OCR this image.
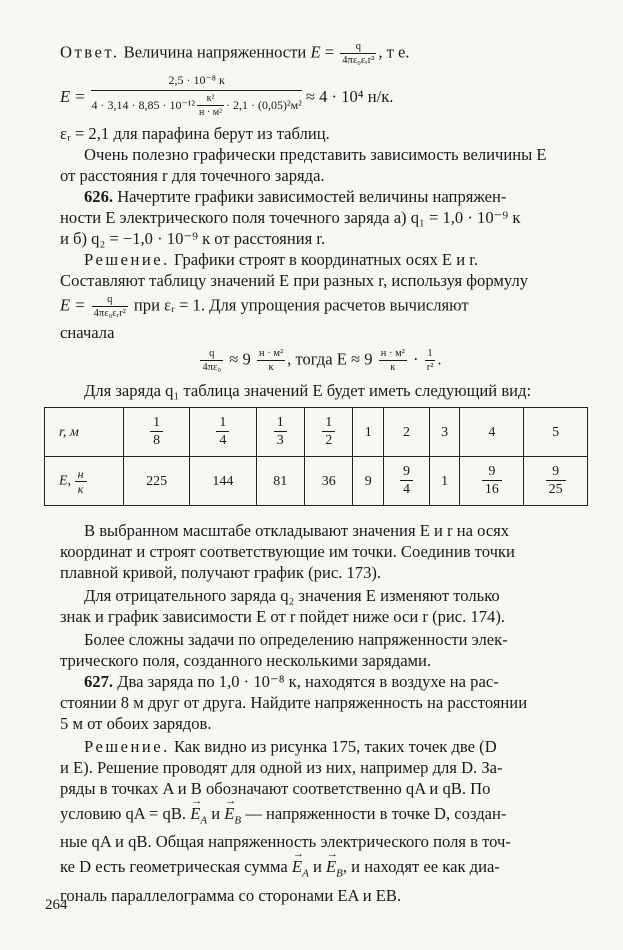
Ответ. Величина напряженности $E = \frac{q}{\text{4πε₀εᵣr²}}$ , т е.
E =
2,5 · 10⁻⁸ к
$4 \cdot 3,14 \cdot 8,85 \cdot 10^{-12} \frac{\text{к²}}{\text{н · м²}} \cdot 2,1 \cdot (0,05)^2м^2 \approx 4 \cdot 10^4$ н/к.
εᵣ = 2,1 для парафина берут из таблиц.
Очень полезно графически представить зависимость величины E
от расстояния r для точечного заряда.
626. Начертите графики зависимостей величины напряжен-
ности E электрического поля точечного заряда а) q₁ = 1,0 · 10⁻⁹ к
и б) q₂ = −1,0 · 10⁻⁹ к от расстояния r.
Решение. Графики строят в координатных осях E и r.
Составляют таблицу значений E при разных r, используя формулу
$E = \frac{q}{\text{4πε₀εᵣr²}}$ при εᵣ = 1. Для упрощения расчетов вычисляют
сначала
$\frac{q}{\text{4πε₀}} \approx 9 \frac{\text{н · м²}}{к}$ , тогда $E \approx 9 \frac{\text{н · м²}}{к} \cdot \frac{1}{\text{r²}}$ .
Для заряда q₁ таблица значений E будет иметь следующий вид:
r, м	$\frac{1}{8}$	$\frac{1}{4}$	$\frac{1}{3}$	$\frac{1}{2}$	1	2	3	4	5
E, н
к	225	144	81	36	9	$\frac{9}{4}$	1	$\frac{9}{16}$	$\frac{9}{25}$
В выбранном масштабе откладывают значения E и r на осях
координат и строят соответствующие им точки. Соединив точки
плавной кривой, получают график (рис. 173).
Для отрицательного заряда q₂ значения E изменяют только
знак и график зависимости E от r пойдет ниже оси r (рис. 174).
Более сложны задачи по определению напряженности элек-
трического поля, созданного несколькими зарядами.
627. Два заряда по 1,0 · 10⁻⁸ к, находятся в воздухе на рас-
стоянии 8 м друг от друга. Найдите напряженность на расстоянии
5 м от обоих зарядов.
Решение. Как видно из рисунка 175, таких точек две (D
и E). Решение проводят для одной из них, например для D. За-
ряды в точках A и B обозначают соответственно qA и qB. По
условию qA = qB. → $E_A$ $и \to E_B$ — напряженности в точке D, создан-
ные qA и qB. Общая напряженность электрического поля в точ-
ке D есть геометрическая сумма → $E_A$ $и \to E_B$, и находят ее как диа-
гональ параллелограмма со сторонами EA и EB.
264
